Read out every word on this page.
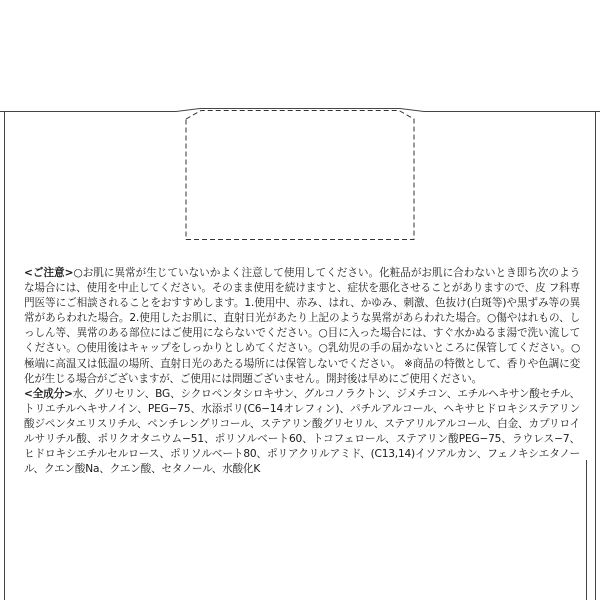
<ご注意>○お肌に異常が生じていないかよく注意して使用してください。化粧品がお肌に合わないとき即ち次のような場合には、使用を中止してください。そのまま使用を続けますと、症状を悪化させることがありますので、皮 フ科専門医等にご相談されることをおすすめします。1.使用中、赤み、はれ、かゆみ、刺激、色抜け(白斑等)や黒ずみ等の異常があらわれた場合。2.使用したお肌に、直射日光があたり上記のような異常があらわれた場合。○傷やはれもの、しっしん等、異常のある部位にはご使用にならないでください。○目に入った場合には、すぐ水かぬるま湯で洗い流してください。○使用後はキャップをしっかりとしめてください。○乳幼児の手の届かないところに保管してください。○極端に高温又は低温の場所、直射日光のあたる場所には保管しないでください。 ※商品の特徴として、香りや色調に変化が生じる場合がございますが、ご使用には問題ございません。開封後は早めにご使用ください。

<全成分>水、グリセリン、BG、シクロペンタシロキサン、グルコノラクトン、ジメチコン、エチルヘキサン酸セチル、トリエチルヘキサノイン、PEG−75、水添ポリ(C6−14オレフィン)、パチルアルコール、ヘキサヒドロキシステアリン酸ジペンタエリスリチル、ペンチレングリコール、ステアリン酸グリセリル、ステアリルアルコール、白金、カプリロイルサリチル酸、ポリクオタニウム−51、ポリソルベート60、トコフェロール、ステアリン酸PEG−75、ラウレス−7、ヒドロキシエチルセルロース、ポリソルベート80、ポリアクリルアミド、(C13,14)イソアルカン、フェノキシエタノール、クエン酸Na、クエン酸、セタノール、水酸化K
